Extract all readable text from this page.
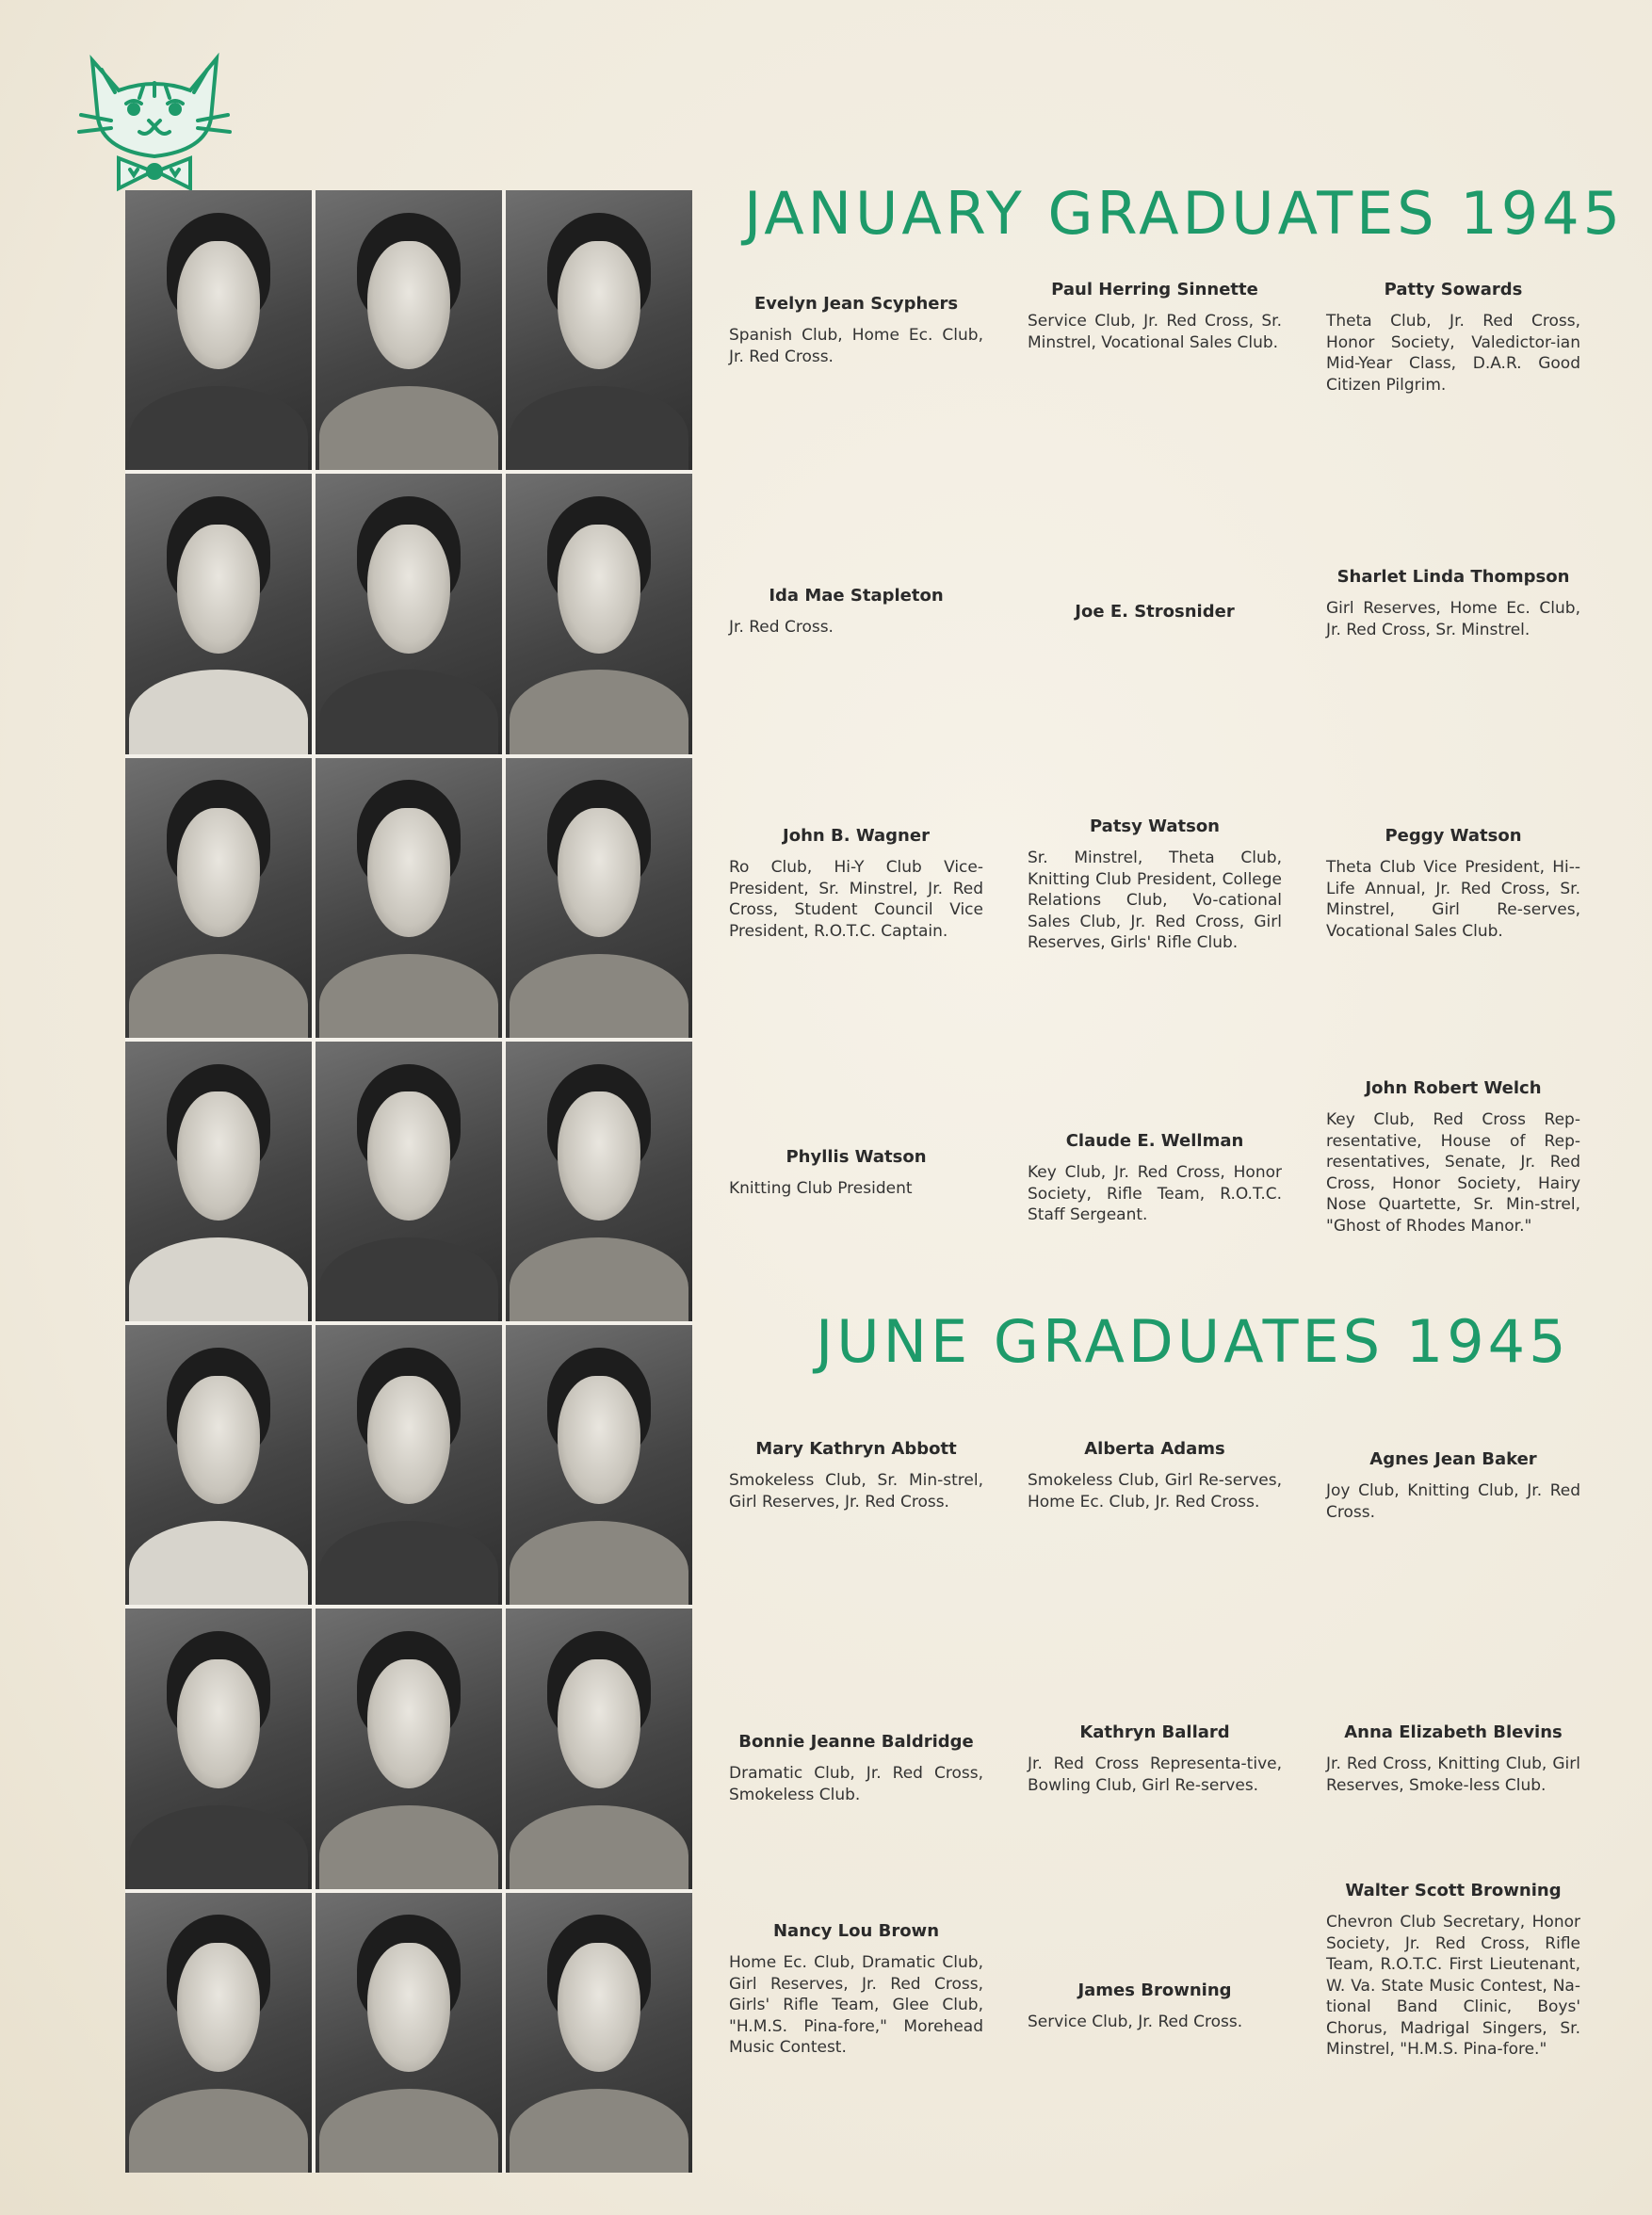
JANUARY GRADUATES 1945
JUNE GRADUATES 1945

Evelyn Jean Scyphers

Spanish Club, Home Ec. Club, Jr. Red Cross.

Paul Herring Sinnette

Service Club, Jr. Red Cross, Sr. Minstrel, Vocational Sales Club.

Patty Sowards

Theta Club, Jr. Red Cross, Honor Society, Valedictor-ian Mid-Year Class, D.A.R. Good Citizen Pilgrim.

Ida Mae Stapleton

Jr. Red Cross.

Joe E. Strosnider

Sharlet Linda Thompson

Girl Reserves, Home Ec. Club, Jr. Red Cross, Sr. Minstrel.

John B. Wagner

Ro Club, Hi-Y Club Vice-President, Sr. Minstrel, Jr. Red Cross, Student Council Vice President, R.O.T.C. Captain.

Patsy Watson

Sr. Minstrel, Theta Club, Knitting Club President, College Relations Club, Vo-cational Sales Club, Jr. Red Cross, Girl Reserves, Girls' Rifle Club.

Peggy Watson

Theta Club Vice President, Hi--Life Annual, Jr. Red Cross, Sr. Minstrel, Girl Re-serves, Vocational Sales Club.

Phyllis Watson

Knitting Club President

Claude E. Wellman

Key Club, Jr. Red Cross, Honor Society, Rifle Team, R.O.T.C. Staff Sergeant.

John Robert Welch

Key Club, Red Cross Rep-resentative, House of Rep-resentatives, Senate, Jr. Red Cross, Honor Society, Hairy Nose Quartette, Sr. Min-strel, "Ghost of Rhodes Manor."

Mary Kathryn Abbott

Smokeless Club, Sr. Min-strel, Girl Reserves, Jr. Red Cross.

Alberta Adams

Smokeless Club, Girl Re-serves, Home Ec. Club, Jr. Red Cross.

Agnes Jean Baker

Joy Club, Knitting Club, Jr. Red Cross.

Bonnie Jeanne Baldridge

Dramatic Club, Jr. Red Cross, Smokeless Club.

Kathryn Ballard

Jr. Red Cross Representa-tive, Bowling Club, Girl Re-serves.

Anna Elizabeth Blevins

Jr. Red Cross, Knitting Club, Girl Reserves, Smoke-less Club.

Nancy Lou Brown

Home Ec. Club, Dramatic Club, Girl Reserves, Jr. Red Cross, Girls' Rifle Team, Glee Club, "H.M.S. Pina-fore," Morehead Music Contest.

James Browning

Service Club, Jr. Red Cross.

Walter Scott Browning

Chevron Club Secretary, Honor Society, Jr. Red Cross, Rifle Team, R.O.T.C. First Lieutenant, W. Va. State Music Contest, Na-tional Band Clinic, Boys' Chorus, Madrigal Singers, Sr. Minstrel, "H.M.S. Pina-fore."
